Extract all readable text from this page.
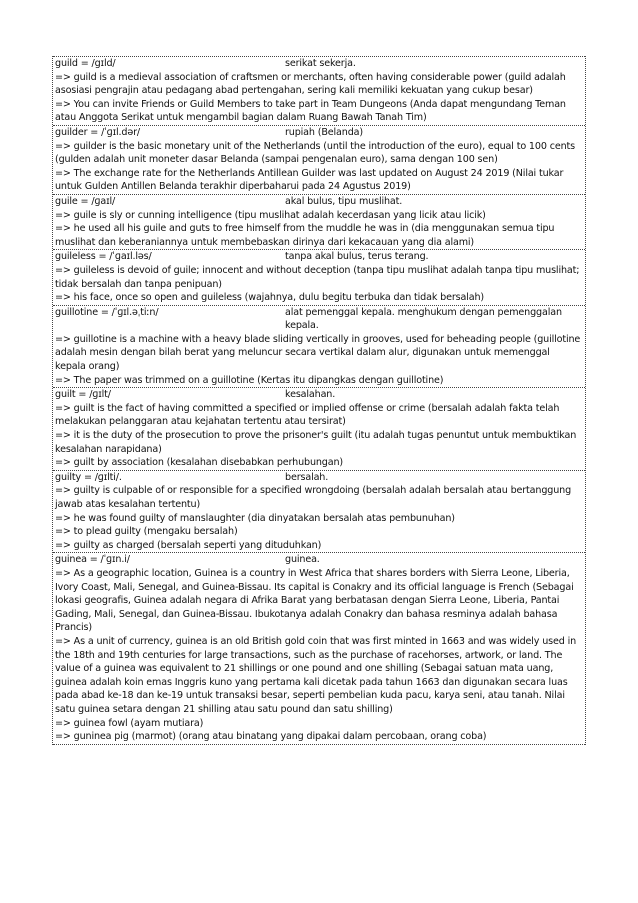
guild = /gɪld/	serikat sekerja.
=> guild is a medieval association of craftsmen or merchants, often having considerable power (guild adalah asosiasi pengrajin atau pedagang abad pertengahan, sering kali memiliki kekuatan yang cukup besar)
=> You can invite Friends or Guild Members to take part in Team Dungeons (Anda dapat mengundang Teman atau Anggota Serikat untuk mengambil bagian dalam Ruang Bawah Tanah Tim)
guilder = /ˈɡɪl.dər/	rupiah (Belanda)
=> guilder is the basic monetary unit of the Netherlands (until the introduction of the euro), equal to 100 cents (gulden adalah unit moneter dasar Belanda (sampai pengenalan euro), sama dengan 100 sen)
=> The exchange rate for the Netherlands Antillean Guilder was last updated on August 24 2019 (Nilai tukar untuk Gulden Antillen Belanda terakhir diperbaharui pada 24 Agustus 2019)
guile = /ɡaɪl/	akal bulus, tipu muslihat.
=> guile is sly or cunning intelligence (tipu muslihat adalah kecerdasan yang licik atau licik)
=> he used all his guile and guts to free himself from the muddle he was in (dia menggunakan semua tipu muslihat dan keberaniannya untuk membebaskan dirinya dari kekacauan yang dia alami)
guileless = /ˈɡaɪl.ləs/	tanpa akal bulus, terus terang.
=> guileless is devoid of guile; innocent and without deception (tanpa tipu muslihat adalah tanpa tipu muslihat; tidak bersalah dan tanpa penipuan)
=> his face, once so open and guileless (wajahnya, dulu begitu terbuka dan tidak bersalah)
guillotine = /ˈɡɪl.əˌtiːn/	alat pemenggal kepala. menghukum dengan pemenggalan kepala.
=> guillotine is a machine with a heavy blade sliding vertically in grooves, used for beheading people (guillotine adalah mesin dengan bilah berat yang meluncur secara vertikal dalam alur, digunakan untuk memenggal kepala orang)
=> The paper was trimmed on a guillotine (Kertas itu dipangkas dengan guillotine)
guilt = /ɡɪlt/	kesalahan.
=> guilt is the fact of having committed a specified or implied offense or crime (bersalah adalah fakta telah melakukan pelanggaran atau kejahatan tertentu atau tersirat)
=> it is the duty of the prosecution to prove the prisoner's guilt (itu adalah tugas penuntut untuk membuktikan kesalahan narapidana)
=> guilt by association (kesalahan disebabkan perhubungan)
guilty = /ɡɪlti/.	bersalah.
=> guilty is culpable of or responsible for a specified wrongdoing (bersalah adalah bersalah atau bertanggung jawab atas kesalahan tertentu)
=> he was found guilty of manslaughter (dia dinyatakan bersalah atas pembunuhan)
=> to plead guilty (mengaku bersalah)
=> guilty as charged (bersalah seperti yang dituduhkan)
guinea = /ˈɡɪn.i/	guinea.
=> As a geographic location, Guinea is a country in West Africa that shares borders with Sierra Leone, Liberia, Ivory Coast, Mali, Senegal, and Guinea-Bissau. Its capital is Conakry and its official language is French (Sebagai lokasi geografis, Guinea adalah negara di Afrika Barat yang berbatasan dengan Sierra Leone, Liberia, Pantai Gading, Mali, Senegal, dan Guinea-Bissau. Ibukotanya adalah Conakry dan bahasa resminya adalah bahasa Prancis)
=> As a unit of currency, guinea is an old British gold coin that was first minted in 1663 and was widely used in the 18th and 19th centuries for large transactions, such as the purchase of racehorses, artwork, or land. The value of a guinea was equivalent to 21 shillings or one pound and one shilling (Sebagai satuan mata uang, guinea adalah koin emas Inggris kuno yang pertama kali dicetak pada tahun 1663 dan digunakan secara luas pada abad ke-18 dan ke-19 untuk transaksi besar, seperti pembelian kuda pacu, karya seni, atau tanah. Nilai satu guinea setara dengan 21 shilling atau satu pound dan satu shilling)
=> guinea fowl (ayam mutiara)
=> guninea pig (marmot) (orang atau binatang yang dipakai dalam percobaan, orang coba)
